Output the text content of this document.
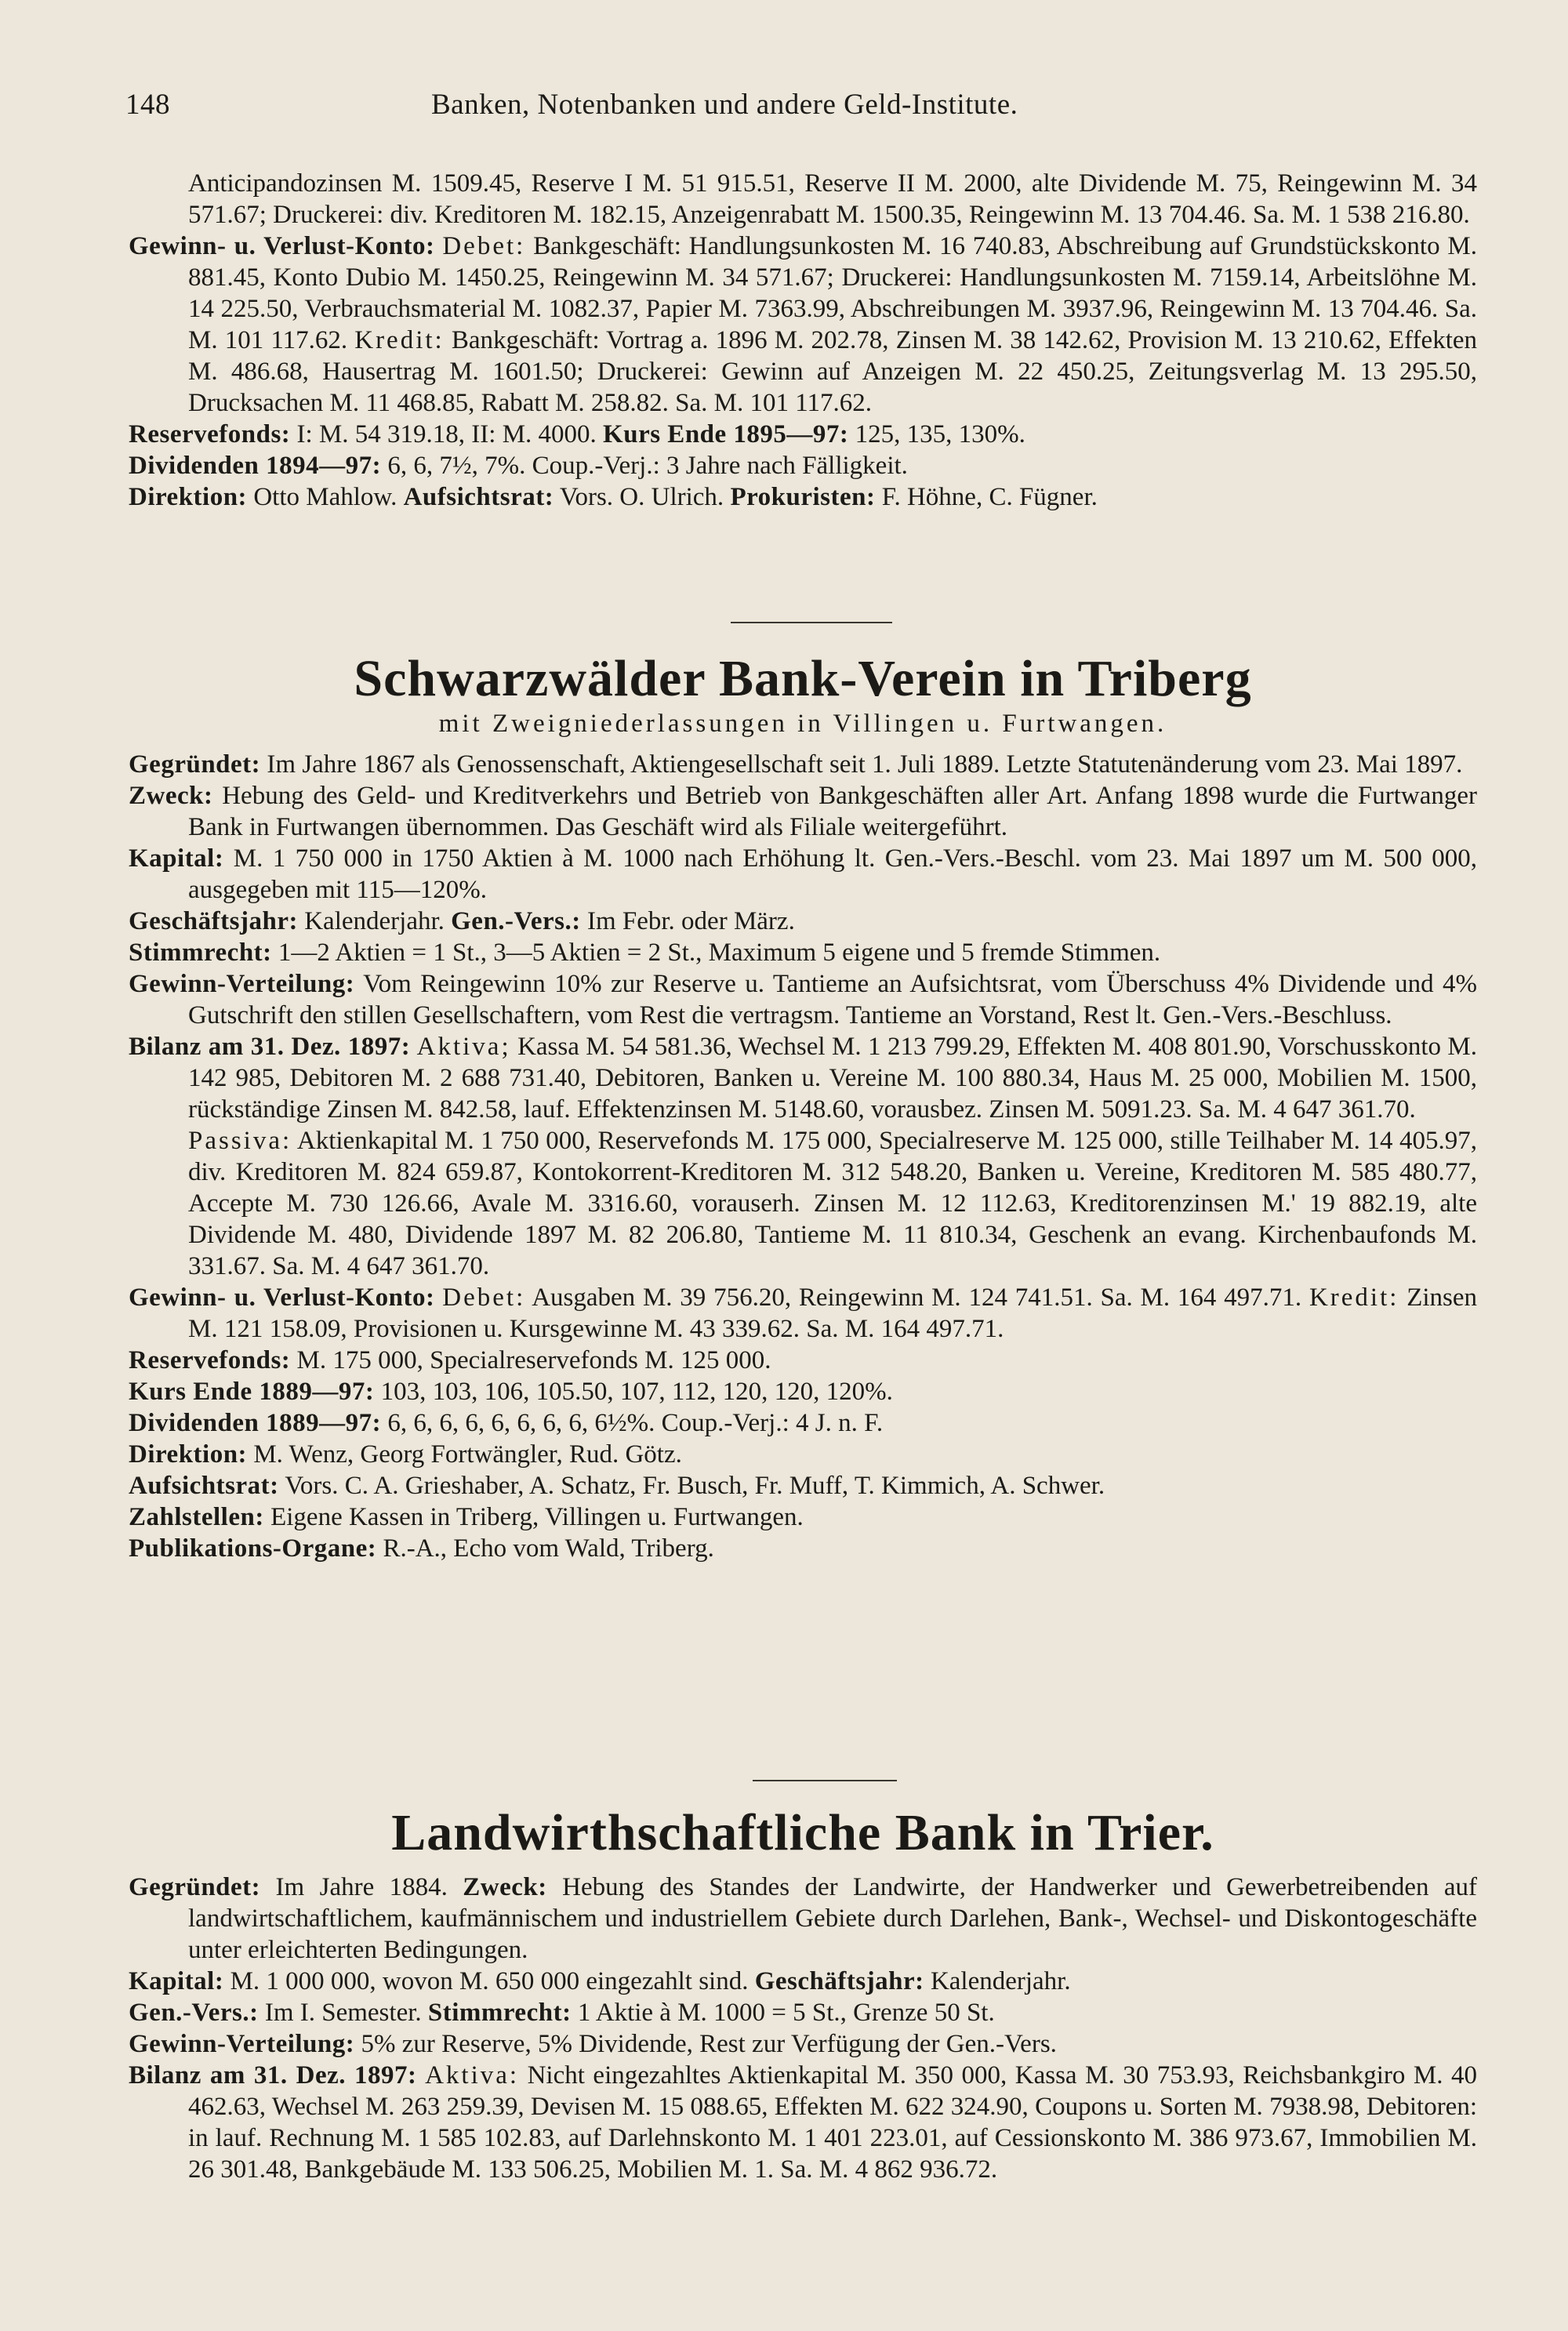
148	Banken, Notenbanken und andere Geld-Institute.

Anticipandozinsen M. 1509.45, Reserve I M. 51 915.51, Reserve II M. 2000, alte Dividende M. 75, Reingewinn M. 34 571.67; Druckerei: div. Kreditoren M. 182.15, Anzeigenrabatt M. 1500.35, Reingewinn M. 13 704.46. Sa. M. 1 538 216.80.

Gewinn- u. Verlust-Konto: Debet: Bankgeschäft: Handlungsunkosten M. 16 740.83, Abschreibung auf Grundstückskonto M. 881.45, Konto Dubio M. 1450.25, Reingewinn M. 34 571.67; Druckerei: Handlungsunkosten M. 7159.14, Arbeitslöhne M. 14 225.50, Verbrauchsmaterial M. 1082.37, Papier M. 7363.99, Abschreibungen M. 3937.96, Reingewinn M. 13 704.46. Sa. M. 101 117.62. Kredit: Bankgeschäft: Vortrag a. 1896 M. 202.78, Zinsen M. 38 142.62, Provision M. 13 210.62, Effekten M. 486.68, Hausertrag M. 1601.50; Druckerei: Gewinn auf Anzeigen M. 22 450.25, Zeitungsverlag M. 13 295.50, Drucksachen M. 11 468.85, Rabatt M. 258.82. Sa. M. 101 117.62.

Reservefonds: I: M. 54 319.18, II: M. 4000. Kurs Ende 1895—97: 125, 135, 130%.

Dividenden 1894—97: 6, 6, 7½, 7%. Coup.-Verj.: 3 Jahre nach Fälligkeit.

Direktion: Otto Mahlow. Aufsichtsrat: Vors. O. Ulrich. Prokuristen: F. Höhne, C. Fügner.

Schwarzwälder Bank-Verein in Triberg
mit Zweigniederlassungen in Villingen u. Furtwangen.

Gegründet: Im Jahre 1867 als Genossenschaft, Aktiengesellschaft seit 1. Juli 1889. Letzte Statutenänderung vom 23. Mai 1897.

Zweck: Hebung des Geld- und Kreditverkehrs und Betrieb von Bankgeschäften aller Art. Anfang 1898 wurde die Furtwanger Bank in Furtwangen übernommen. Das Geschäft wird als Filiale weitergeführt.

Kapital: M. 1 750 000 in 1750 Aktien à M. 1000 nach Erhöhung lt. Gen.-Vers.-Beschl. vom 23. Mai 1897 um M. 500 000, ausgegeben mit 115—120%.

Geschäftsjahr: Kalenderjahr. Gen.-Vers.: Im Febr. oder März.

Stimmrecht: 1—2 Aktien = 1 St., 3—5 Aktien = 2 St., Maximum 5 eigene und 5 fremde Stimmen.

Gewinn-Verteilung: Vom Reingewinn 10% zur Reserve u. Tantieme an Aufsichtsrat, vom Überschuss 4% Dividende und 4% Gutschrift den stillen Gesellschaftern, vom Rest die vertragsm. Tantieme an Vorstand, Rest lt. Gen.-Vers.-Beschluss.

Bilanz am 31. Dez. 1897: Aktiva; Kassa M. 54 581.36, Wechsel M. 1 213 799.29, Effekten M. 408 801.90, Vorschusskonto M. 142 985, Debitoren M. 2 688 731.40, Debitoren, Banken u. Vereine M. 100 880.34, Haus M. 25 000, Mobilien M. 1500, rückständige Zinsen M. 842.58, lauf. Effektenzinsen M. 5148.60, vorausbez. Zinsen M. 5091.23. Sa. M. 4 647 361.70.

Passiva: Aktienkapital M. 1 750 000, Reservefonds M. 175 000, Specialreserve M. 125 000, stille Teilhaber M. 14 405.97, div. Kreditoren M. 824 659.87, Kontokorrent-Kreditoren M. 312 548.20, Banken u. Vereine, Kreditoren M. 585 480.77, Accepte M. 730 126.66, Avale M. 3316.60, vorauserh. Zinsen M. 12 112.63, Kreditorenzinsen M.' 19 882.19, alte Dividende M. 480, Dividende 1897 M. 82 206.80, Tantieme M. 11 810.34, Geschenk an evang. Kirchenbaufonds M. 331.67. Sa. M. 4 647 361.70.

Gewinn- u. Verlust-Konto: Debet: Ausgaben M. 39 756.20, Reingewinn M. 124 741.51. Sa. M. 164 497.71. Kredit: Zinsen M. 121 158.09, Provisionen u. Kursgewinne M. 43 339.62. Sa. M. 164 497.71.

Reservefonds: M. 175 000, Specialreservefonds M. 125 000.

Kurs Ende 1889—97: 103, 103, 106, 105.50, 107, 112, 120, 120, 120%.

Dividenden 1889—97: 6, 6, 6, 6, 6, 6, 6, 6, 6½%. Coup.-Verj.: 4 J. n. F.

Direktion: M. Wenz, Georg Fortwängler, Rud. Götz.

Aufsichtsrat: Vors. C. A. Grieshaber, A. Schatz, Fr. Busch, Fr. Muff, T. Kimmich, A. Schwer.

Zahlstellen: Eigene Kassen in Triberg, Villingen u. Furtwangen.

Publikations-Organe: R.-A., Echo vom Wald, Triberg.

Landwirthschaftliche Bank in Trier.

Gegründet: Im Jahre 1884. Zweck: Hebung des Standes der Landwirte, der Handwerker und Gewerbetreibenden auf landwirtschaftlichem, kaufmännischem und industriellem Gebiete durch Darlehen, Bank-, Wechsel- und Diskontogeschäfte unter erleichterten Bedingungen.

Kapital: M. 1 000 000, wovon M. 650 000 eingezahlt sind. Geschäftsjahr: Kalenderjahr.

Gen.-Vers.: Im I. Semester. Stimmrecht: 1 Aktie à M. 1000 = 5 St., Grenze 50 St.

Gewinn-Verteilung: 5% zur Reserve, 5% Dividende, Rest zur Verfügung der Gen.-Vers.

Bilanz am 31. Dez. 1897: Aktiva: Nicht eingezahltes Aktienkapital M. 350 000, Kassa M. 30 753.93, Reichsbankgiro M. 40 462.63, Wechsel M. 263 259.39, Devisen M. 15 088.65, Effekten M. 622 324.90, Coupons u. Sorten M. 7938.98, Debitoren: in lauf. Rechnung M. 1 585 102.83, auf Darlehnskonto M. 1 401 223.01, auf Cessionskonto M. 386 973.67, Immobilien M. 26 301.48, Bankgebäude M. 133 506.25, Mobilien M. 1. Sa. M. 4 862 936.72.
